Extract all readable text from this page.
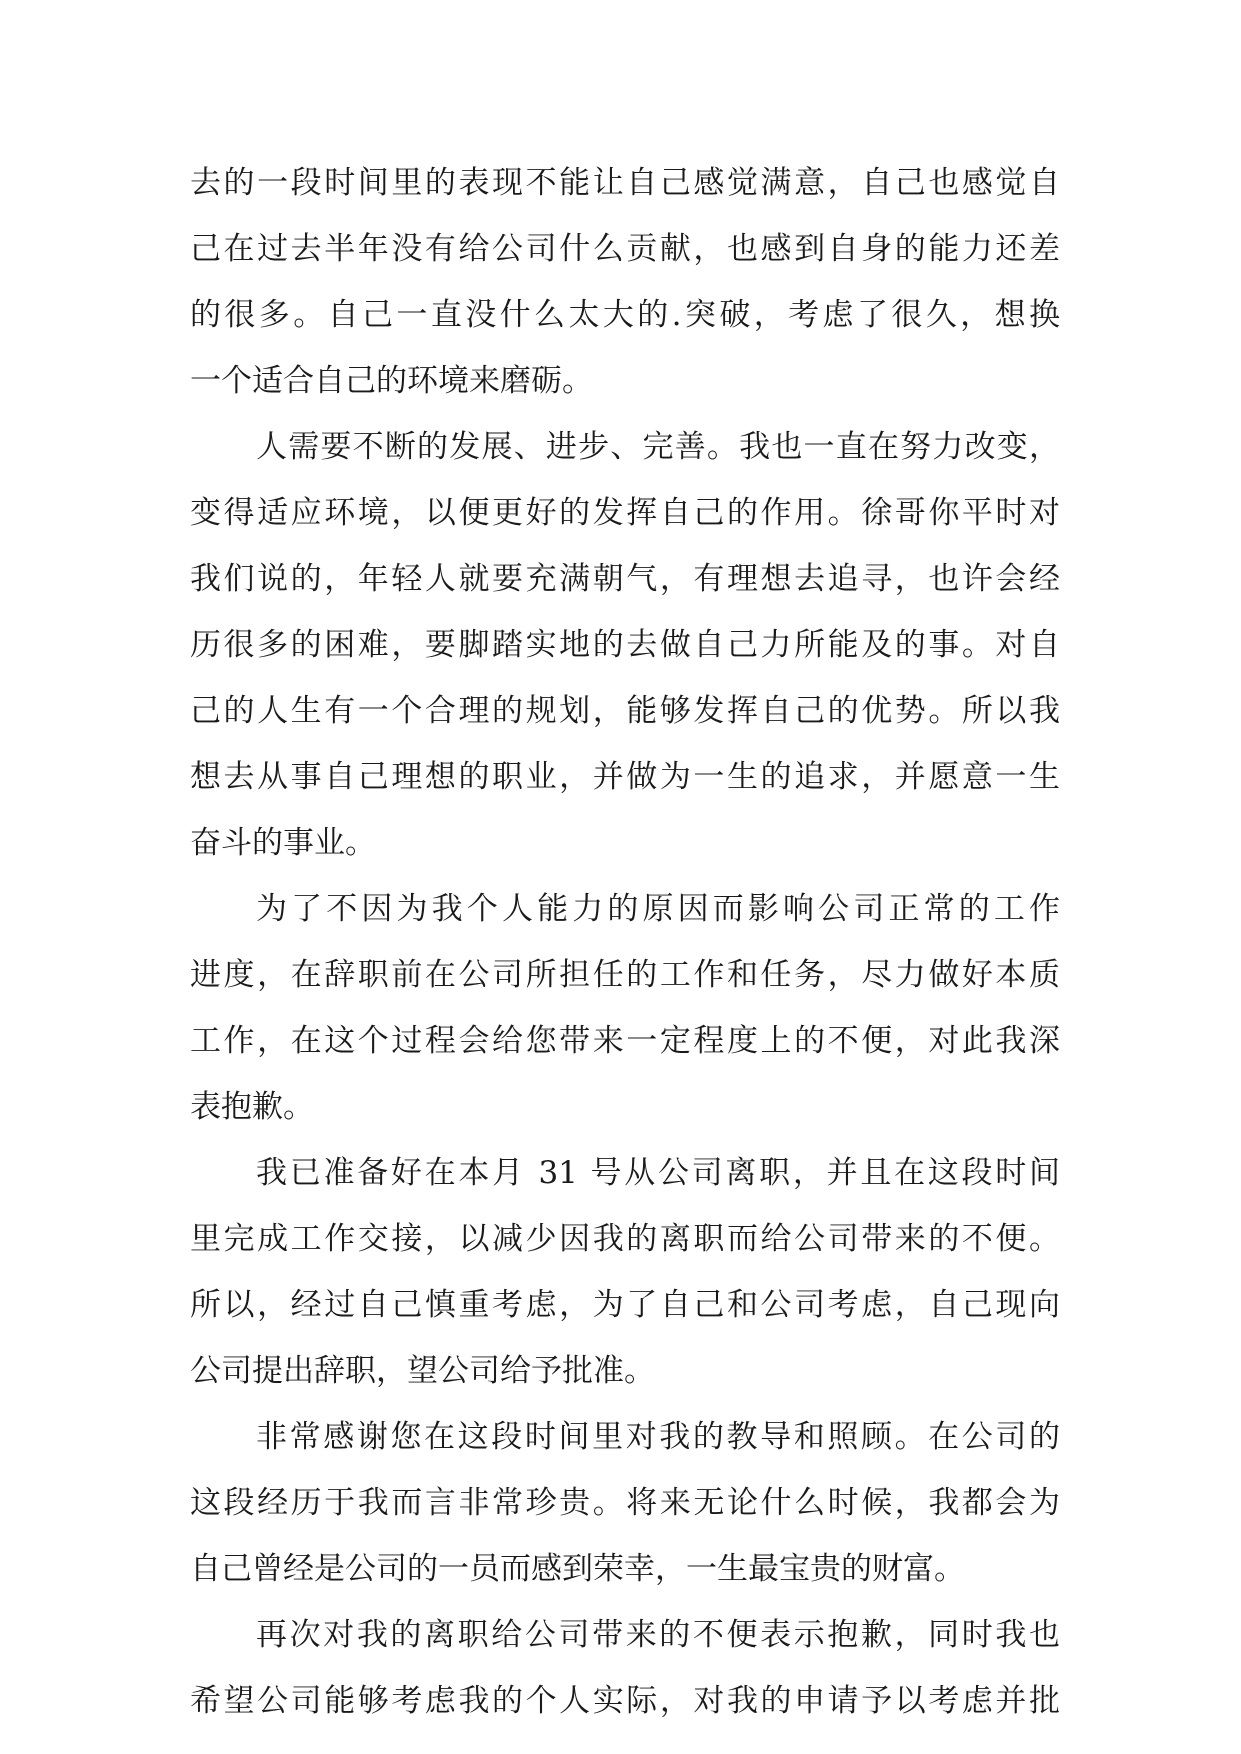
去的一段时间里的表现不能让自己感觉满意，自己也感觉自
己在过去半年没有给公司什么贡献，也感到自身的能力还差
的很多。自己一直没什么太大的.突破，考虑了很久，想换
一个适合自己的环境来磨砺。
人需要不断的发展、进步、完善。我也一直在努力改变，
变得适应环境，以便更好的发挥自己的作用。徐哥你平时对
我们说的，年轻人就要充满朝气，有理想去追寻，也许会经
历很多的困难，要脚踏实地的去做自己力所能及的事。对自
己的人生有一个合理的规划，能够发挥自己的优势。所以我
想去从事自己理想的职业，并做为一生的追求，并愿意一生
奋斗的事业。
为了不因为我个人能力的原因而影响公司正常的工作
进度，在辞职前在公司所担任的工作和任务，尽力做好本质
工作，在这个过程会给您带来一定程度上的不便，对此我深
表抱歉。
我已准备好在本月 31 号从公司离职，并且在这段时间
里完成工作交接，以减少因我的离职而给公司带来的不便。
所以，经过自己慎重考虑，为了自己和公司考虑，自己现向
公司提出辞职，望公司给予批准。
非常感谢您在这段时间里对我的教导和照顾。在公司的
这段经历于我而言非常珍贵。将来无论什么时候，我都会为
自己曾经是公司的一员而感到荣幸，一生最宝贵的财富。
再次对我的离职给公司带来的不便表示抱歉，同时我也
希望公司能够考虑我的个人实际，对我的申请予以考虑并批
